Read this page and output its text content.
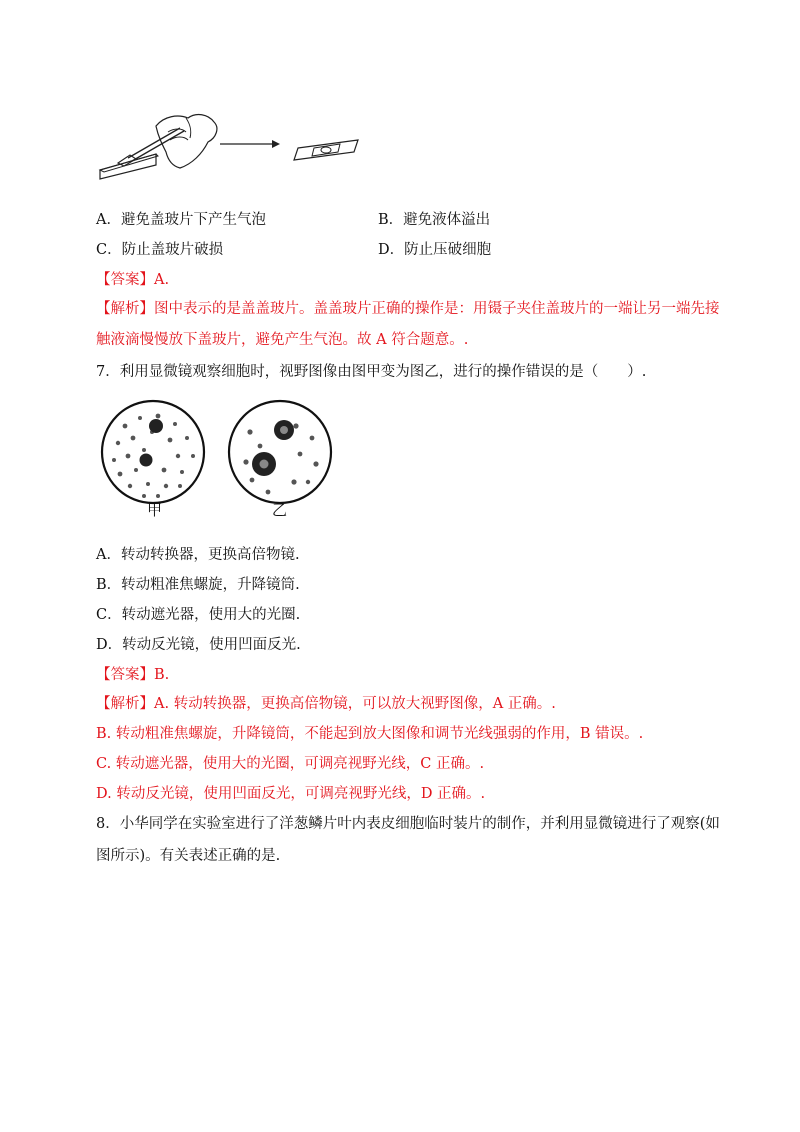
A．避免盖玻片下产生气泡	B．避免液体溢出
C．防止盖玻片破损	D．防止压破细胞
【答案】A.
【解析】图中表示的是盖盖玻片。盖盖玻片正确的操作是：用镊子夹住盖玻片的一端让另一端先接
触液滴慢慢放下盖玻片，避免产生气泡。故 A 符合题意。.
7．利用显微镜观察细胞时，视野图像由图甲变为图乙，进行的操作错误的是（　　）.
甲	乙
A．转动转换器，更换高倍物镜.
B．转动粗准焦螺旋，升降镜筒.
C．转动遮光器，使用大的光圈.
D．转动反光镜，使用凹面反光.
【答案】B.
【解析】A. 转动转换器，更换高倍物镜，可以放大视野图像，A 正确。.
B. 转动粗准焦螺旋，升降镜筒，不能起到放大图像和调节光线强弱的作用，B 错误。.
C. 转动遮光器，使用大的光圈，可调亮视野光线，C 正确。.
D. 转动反光镜，使用凹面反光，可调亮视野光线，D 正确。.
8．小华同学在实验室进行了洋葱鳞片叶内表皮细胞临时装片的制作，并利用显微镜进行了观察(如
图所示)。有关表述正确的是.
